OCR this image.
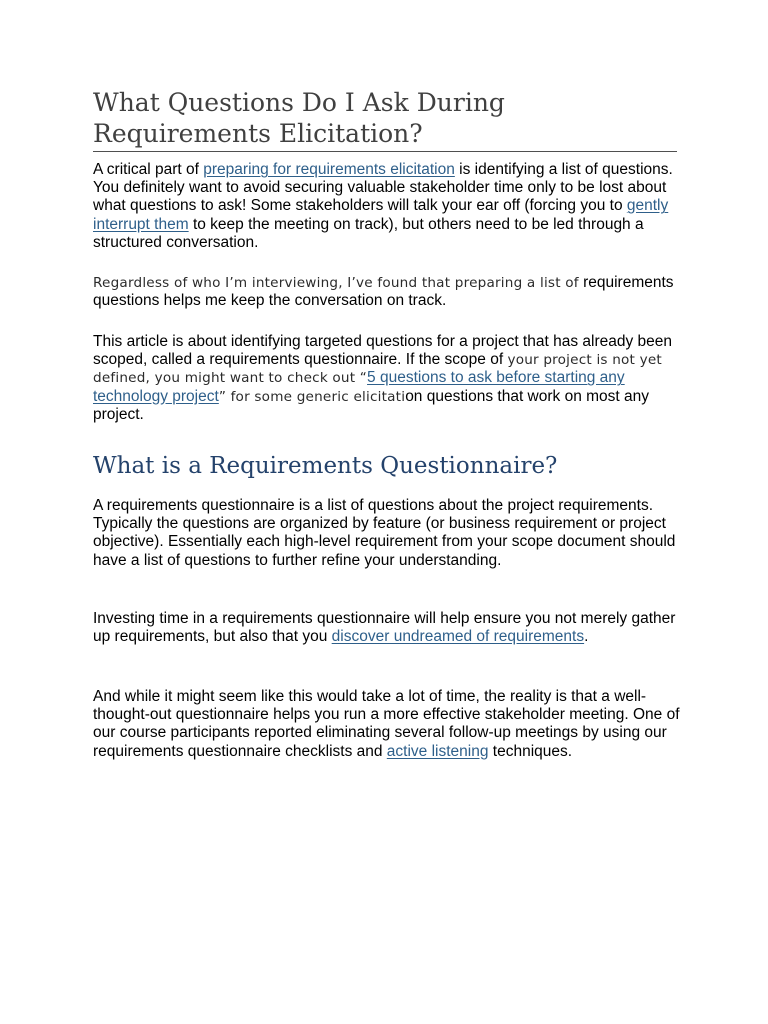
What Questions Do I Ask During Requirements Elicitation?

A critical part of preparing for requirements elicitation is identifying a list of questions. You definitely want to avoid securing valuable stakeholder time only to be lost about what questions to ask! Some stakeholders will talk your ear off (forcing you to gently interrupt them to keep the meeting on track), but others need to be led through a structured conversation.

Regardless of who I’m interviewing, I’ve found that preparing a list of requirements questions helps me keep the conversation on track.

This article is about identifying targeted questions for a project that has already been scoped, called a requirements questionnaire. If the scope of your project is not yet defined, you might want to check out “5 questions to ask before starting any technology project” for some generic elicitation questions that work on most any project.

What is a Requirements Questionnaire?

A requirements questionnaire is a list of questions about the project requirements. Typically the questions are organized by feature (or business requirement or project objective). Essentially each high-level requirement from your scope document should have a list of questions to further refine your understanding.

Investing time in a requirements questionnaire will help ensure you not merely gather up requirements, but also that you discover undreamed of requirements.

And while it might seem like this would take a lot of time, the reality is that a well-thought-out questionnaire helps you run a more effective stakeholder meeting. One of our course participants reported eliminating several follow-up meetings by using our requirements questionnaire checklists and active listening techniques.
